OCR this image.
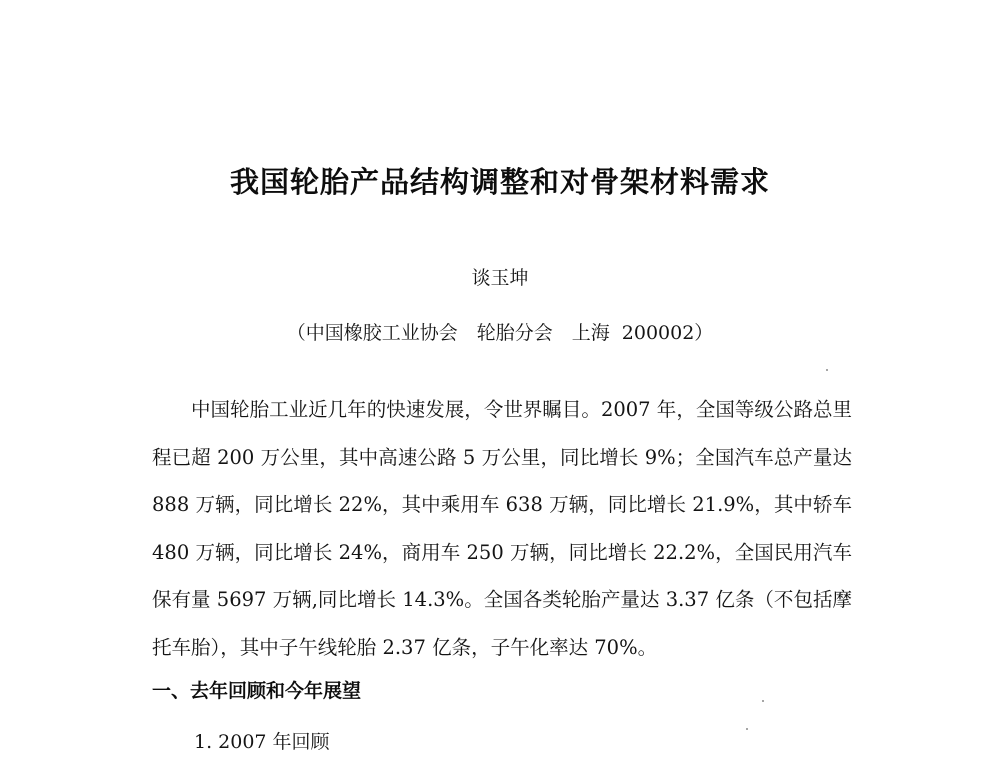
我国轮胎产品结构调整和对骨架材料需求
谈玉坤
（中国橡胶工业协会　轮胎分会　上海  200002）

中国轮胎工业近几年的快速发展，令世界瞩目。2007 年，全国等级公路总里程已超 200 万公里，其中高速公路 5 万公里，同比增长 9%；全国汽车总产量达 888 万辆，同比增长 22%，其中乘用车 638 万辆，同比增长 21.9%，其中轿车 480 万辆，同比增长 24%，商用车 250 万辆，同比增长 22.2%，全国民用汽车保有量 5697 万辆,同比增长 14.3%。全国各类轮胎产量达 3.37 亿条（不包括摩托车胎），其中子午线轮胎 2.37 亿条，子午化率达 70%。

一、去年回顾和今年展望
1. 2007 年回顾
